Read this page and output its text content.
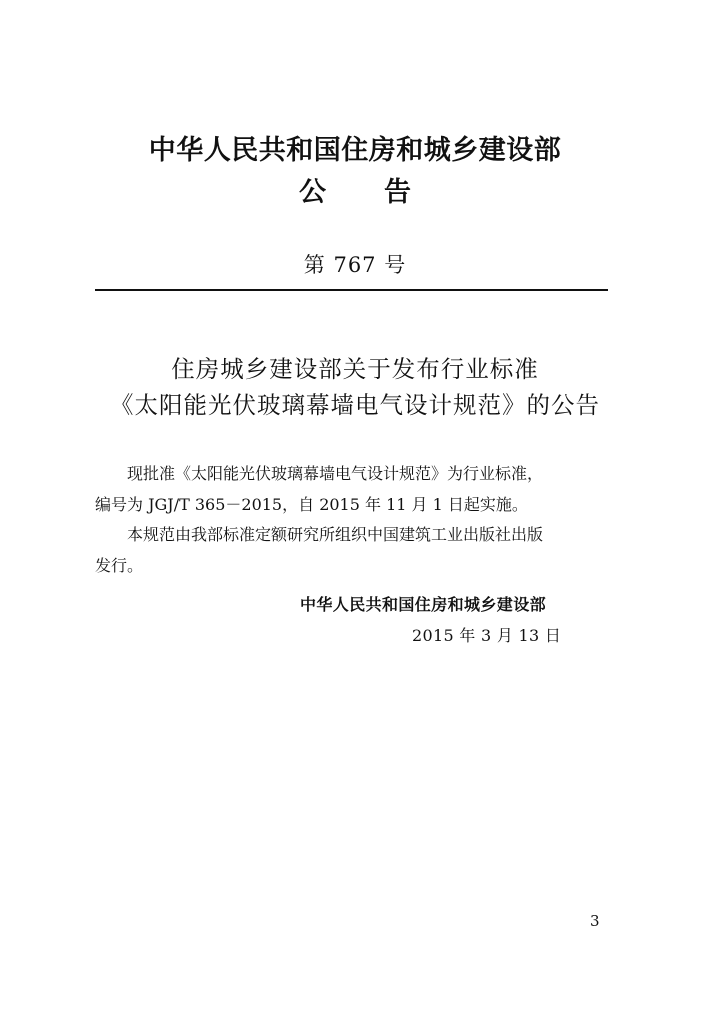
中华人民共和国住房和城乡建设部
公告
第 767 号
住房城乡建设部关于发布行业标准
《太阳能光伏玻璃幕墙电气设计规范》的公告
现批准《太阳能光伏玻璃幕墙电气设计规范》为行业标准，
编号为 JGJ/T 365－2015，自 2015 年 11 月 1 日起实施。
本规范由我部标准定额研究所组织中国建筑工业出版社出版
发行。
中华人民共和国住房和城乡建设部
2015 年 3 月 13 日
3
